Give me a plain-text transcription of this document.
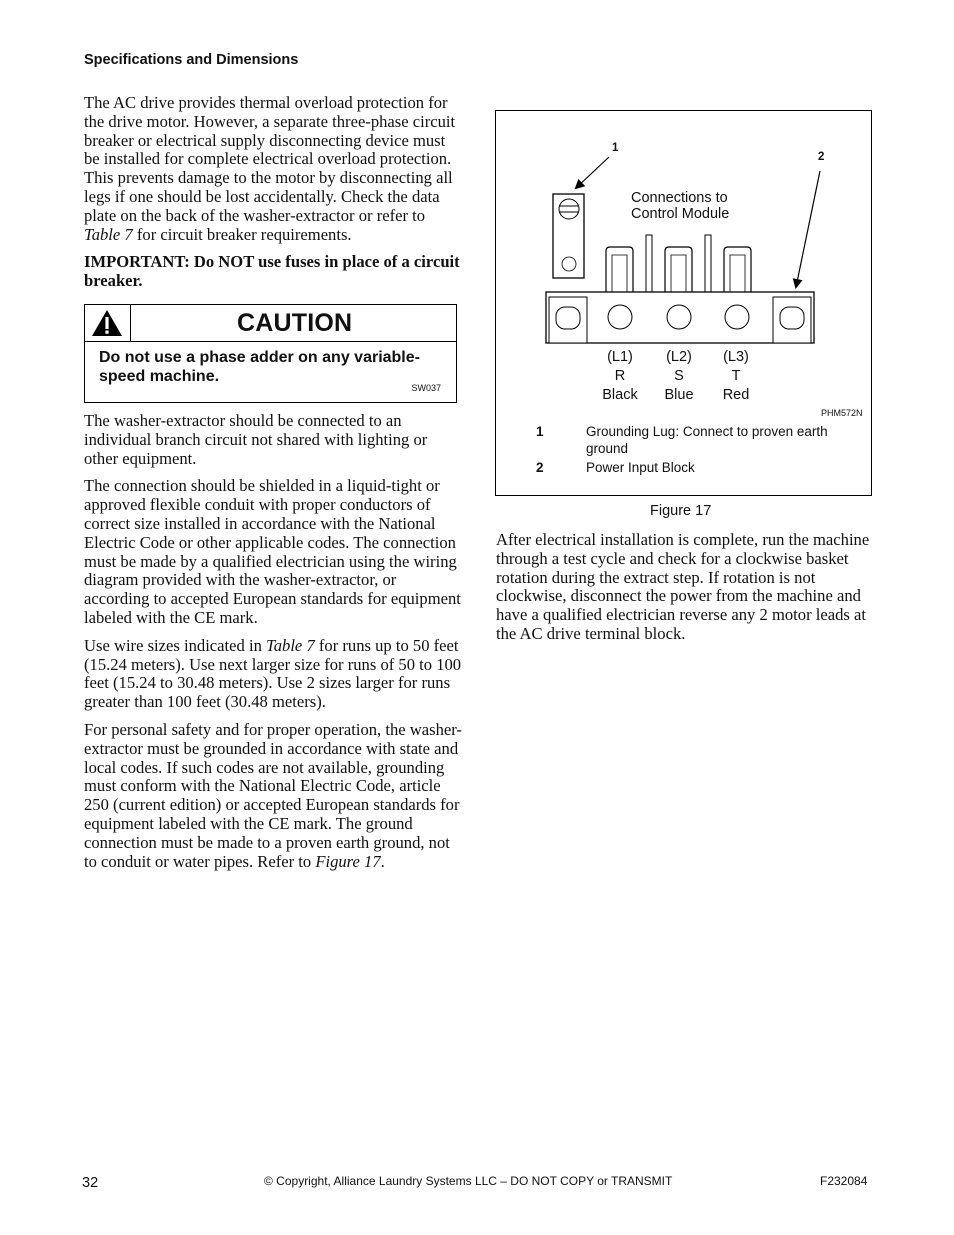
Specifications and Dimensions

The AC drive provides thermal overload protection for the drive motor. However, a separate three-phase circuit breaker or electrical supply disconnecting device must be installed for complete electrical overload protection. This prevents damage to the motor by disconnecting all legs if one should be lost accidentally. Check the data plate on the back of the washer-extractor or refer to Table 7 for circuit breaker requirements.

IMPORTANT: Do NOT use fuses in place of a circuit breaker.

CAUTION
Do not use a phase adder on any variable-speed machine.
SW037

The washer-extractor should be connected to an individual branch circuit not shared with lighting or other equipment.

The connection should be shielded in a liquid-tight or approved flexible conduit with proper conductors of correct size installed in accordance with the National Electric Code or other applicable codes. The connection must be made by a qualified electrician using the wiring diagram provided with the washer-extractor, or according to accepted European standards for equipment labeled with the CE mark.

Use wire sizes indicated in Table 7 for runs up to 50 feet (15.24 meters). Use next larger size for runs of 50 to 100 feet (15.24 to 30.48 meters). Use 2 sizes larger for runs greater than 100 feet (30.48 meters).

For personal safety and for proper operation, the washer-extractor must be grounded in accordance with state and local codes. If such codes are not available, grounding must conform with the National Electric Code, article 250 (current edition) or accepted European standards for equipment labeled with the CE mark. The ground connection must be made to a proven earth ground, not to conduit or water pipes. Refer to Figure 17.

1
2
Connections to
Control Module
(L1)
R
Black
(L2)
S
Blue
(L3)
T
Red
PHM572N
1	Grounding Lug: Connect to proven earth ground
2	Power Input Block
Figure 17

After electrical installation is complete, run the machine through a test cycle and check for a clockwise basket rotation during the extract step. If rotation is not clockwise, disconnect the power from the machine and have a qualified electrician reverse any 2 motor leads at the AC drive terminal block.

32	© Copyright, Alliance Laundry Systems LLC – DO NOT COPY or TRANSMIT	F232084
